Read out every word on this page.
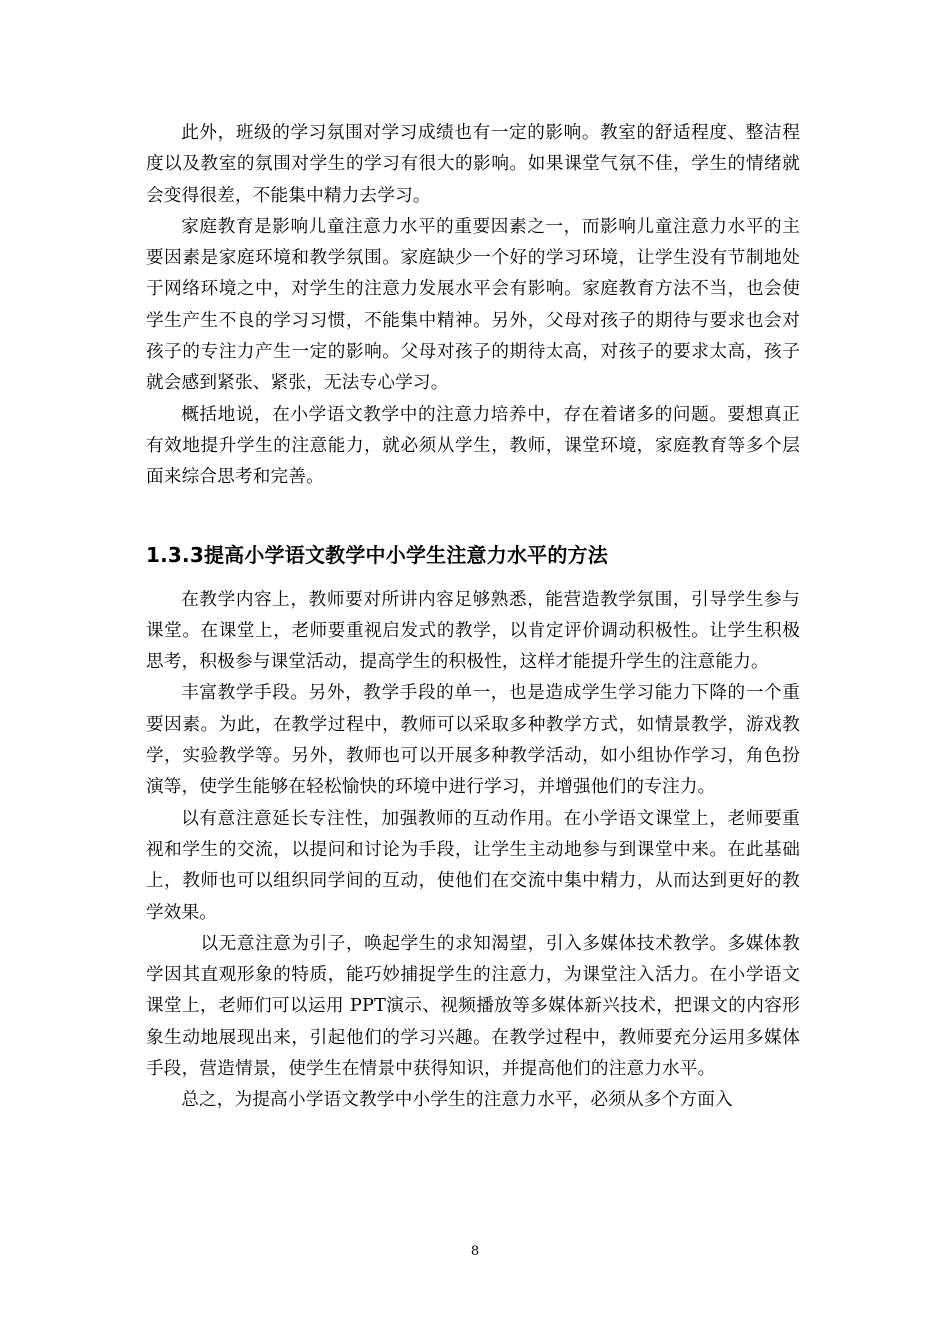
此外，班级的学习氛围对学习成绩也有一定的影响。教室的舒适程度、整洁程度以及教室的氛围对学生的学习有很大的影响。如果课堂气氛不佳，学生的情绪就会变得很差，不能集中精力去学习。

家庭教育是影响儿童注意力水平的重要因素之一，而影响儿童注意力水平的主要因素是家庭环境和教学氛围。家庭缺少一个好的学习环境，让学生没有节制地处于网络环境之中，对学生的注意力发展水平会有影响。家庭教育方法不当，也会使学生产生不良的学习习惯，不能集中精神。另外，父母对孩子的期待与要求也会对孩子的专注力产生一定的影响。父母对孩子的期待太高，对孩子的要求太高，孩子就会感到紧张、紧张，无法专心学习。

概括地说，在小学语文教学中的注意力培养中，存在着诸多的问题。要想真正有效地提升学生的注意能力，就必须从学生，教师，课堂环境，家庭教育等多个层面来综合思考和完善。

1.3.3提高小学语文教学中小学生注意力水平的方法

在教学内容上，教师要对所讲内容足够熟悉，能营造教学氛围，引导学生参与课堂。在课堂上，老师要重视启发式的教学，以肯定评价调动积极性。让学生积极思考，积极参与课堂活动，提高学生的积极性，这样才能提升学生的注意能力。

丰富教学手段。另外，教学手段的单一，也是造成学生学习能力下降的一个重要因素。为此，在教学过程中，教师可以采取多种教学方式，如情景教学，游戏教学，实验教学等。另外，教师也可以开展多种教学活动，如小组协作学习，角色扮演等，使学生能够在轻松愉快的环境中进行学习，并增强他们的专注力。

以有意注意延长专注性，加强教师的互动作用。在小学语文课堂上，老师要重视和学生的交流，以提问和讨论为手段，让学生主动地参与到课堂中来。在此基础上，教师也可以组织同学间的互动，使他们在交流中集中精力，从而达到更好的教学效果。

以无意注意为引子，唤起学生的求知渴望，引入多媒体技术教学。多媒体教学因其直观形象的特质，能巧妙捕捉学生的注意力，为课堂注入活力。在小学语文课堂上，老师们可以运用 PPT演示、视频播放等多媒体新兴技术，把课文的内容形象生动地展现出来，引起他们的学习兴趣。在教学过程中，教师要充分运用多媒体手段，营造情景，使学生在情景中获得知识，并提高他们的注意力水平。

总之，为提高小学语文教学中小学生的注意力水平，必须从多个方面入

8
